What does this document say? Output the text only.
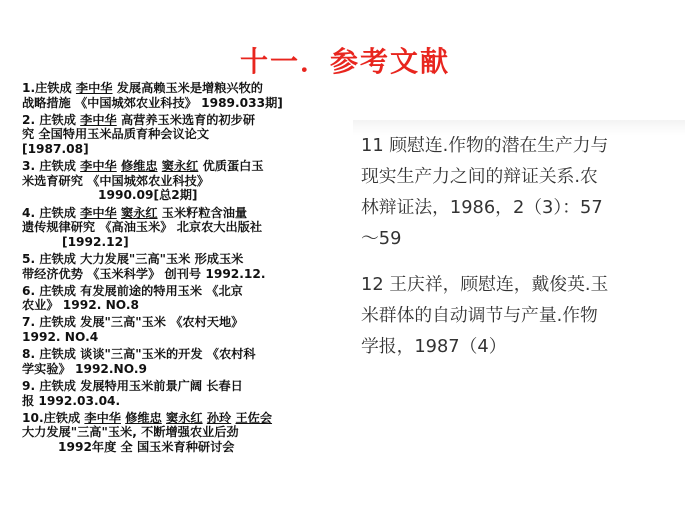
十一．参考文献
1.庄铁成 李中华 发展高赖玉米是增粮兴牧的
战略措施 《中国城郊农业科技》 1989.033期]
2. 庄铁成 李中华 高营养玉米选育的初步研
究 全国特用玉米品质育种会议论文
[1987.08]
3. 庄铁成 李中华 修维忠 窦永红 优质蛋白玉
米选育研究 《中国城郊农业科技》
1990.09[总2期]
4. 庄铁成 李中华 窦永红 玉米籽粒含油量
遗传规律研究 《高油玉米》 北京农大出版社
[1992.12]
5. 庄铁成 大力发展"三高"玉米 形成玉米
带经济优势 《玉米科学》 创刊号 1992.12.
6. 庄铁成 有发展前途的特用玉米 《北京
农业》 1992. NO.8
7. 庄铁成 发展"三高"玉米 《农村天地》
1992. NO.4
8. 庄铁成 谈谈"三高"玉米的开发 《农村科
学实验》 1992.NO.9
9. 庄铁成 发展特用玉米前景广阔 长春日
报 1992.03.04.
10.庄铁成 李中华 修维忠 窦永红 孙玲 王佐会
大力发展"三高"玉米, 不断增强农业后劲
1992年度 全 国玉米育种研讨会
11 顾慰连.作物的潜在生产力与
现实生产力之间的辩证关系.农
林辩证法，1986，2（3）：57
～59
12 王庆祥，顾慰连，戴俊英.玉
米群体的自动调节与产量.作物
学报，1987（4）
